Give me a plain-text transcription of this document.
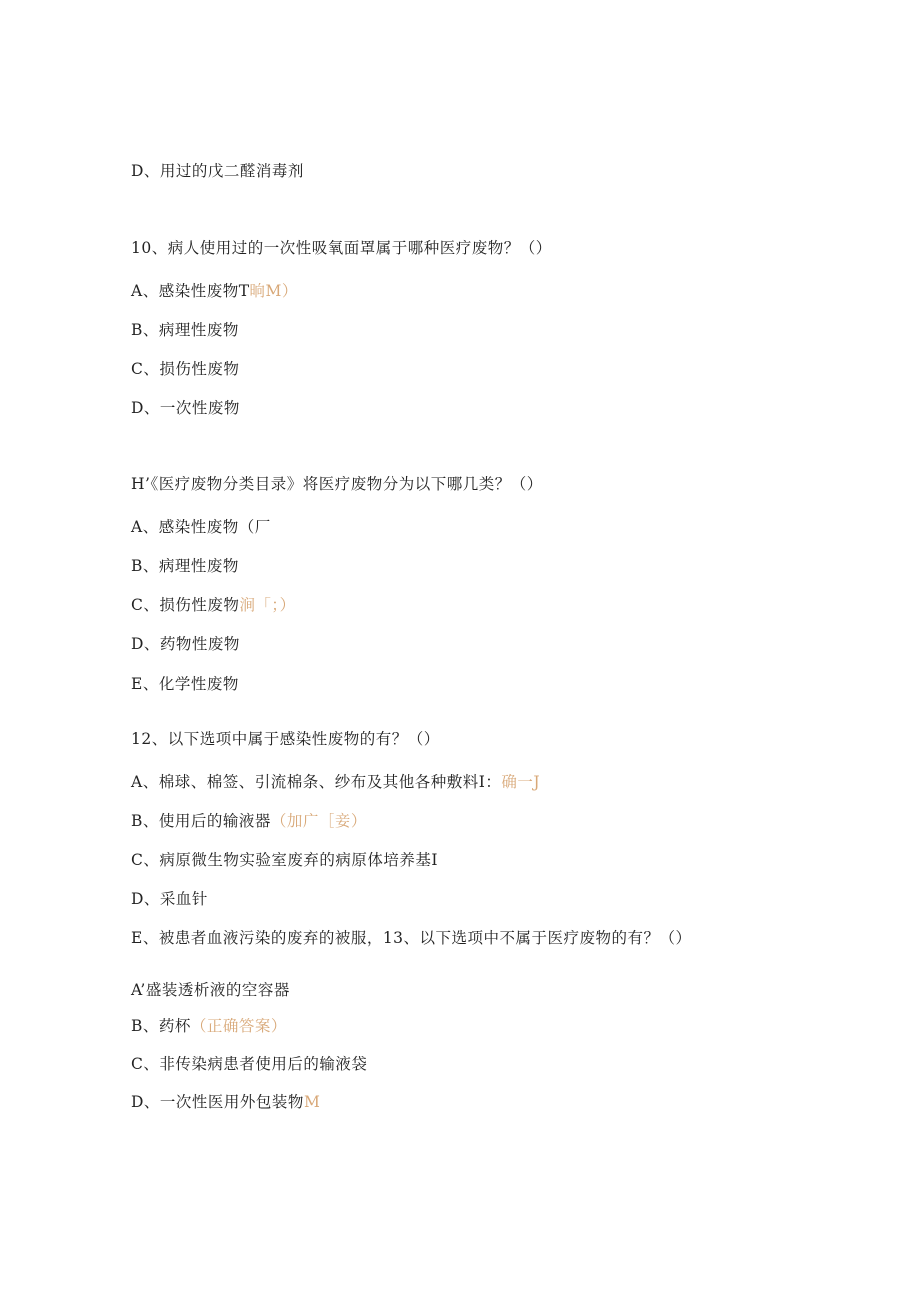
D、用过的戊二醛消毒剂
10、病人使用过的一次性吸氧面罩属于哪种医疗废物？（）
A、感染性废物T晌M）
B、病理性废物
C、损伤性废物
D、一次性废物
H’《医疗废物分类目录》将医疗废物分为以下哪几类？（）
A、感染性废物（厂
B、病理性废物
C、损伤性废物涧「；）
D、药物性废物
E、化学性废物
12、以下选项中属于感染性废物的有？（）
A、棉球、棉签、引流棉条、纱布及其他各种敷料I：确一J
B、使用后的输液器（加广［妾）
C、病原微生物实验室废弃的病原体培养基I
D、采血针
E、被患者血液污染的废弃的被服，13、以下选项中不属于医疗废物的有？（）
A’盛装透析液的空容器
B、药杯（正确答案）
C、非传染病患者使用后的输液袋
D、一次性医用外包装物M
